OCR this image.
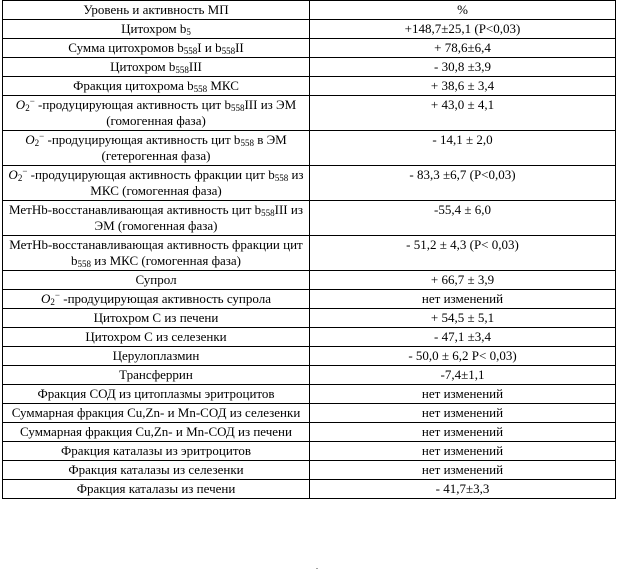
Уровень и активность МП	%
Цитохром $b_5$	+148,7±25,1 (P<0,03)
Сумма цитохромов $b_{558}I$ и $b_{558}II$	+ 78,6±6,4
Цитохром $b_{558}III$	- 30,8 ±3,9
Фракция цитохрома $b_{558}$ МКС	+ 38,6 ± 3,4
$O_2^-$ -продуцирующая активность цит $b_{558}III$ из ЭМ (гомогенная фаза)	+ 43,0 ± 4,1
$O_2^-$ -продуцирующая активность цит $b_{558}$ в ЭМ (гетерогенная фаза)	- 14,1 ± 2,0
$O_2^-$ -продуцирующая активность фракции цит $b_{558}$ из МКС (гомогенная фаза)	- 83,3 ±6,7 (P<0,03)
МетHb-восстанавливающая активность цит $b_{558}III$ из ЭМ (гомогенная фаза)	-55,4 ± 6,0
МетHb-восстанавливающая активность фракции цит $b_{558}$ из МКС (гомогенная фаза)	- 51,2 ± 4,3 (P< 0,03)
Супрол	+ 66,7 ± 3,9
$O_2^-$ -продуцирующая активность супрола	нет изменений
Цитохром С из печени	+ 54,5 ± 5,1
Цитохром С из селезенки	- 47,1 ±3,4
Церулоплазмин	- 50,0 ± 6,2 P< 0,03)
Трансферрин	-7,4±1,1
Фракция СОД из цитоплазмы эритроцитов	нет изменений
Суммарная фракция Cu,Zn- и Mn-СОД из селезенки	нет изменений
Суммарная фракция Cu,Zn- и Mn-СОД из печени	нет изменений
Фракция каталазы из эритроцитов	нет изменений
Фракция каталазы из селезенки	нет изменений
Фракция каталазы из печени	- 41,7±3,3
.
